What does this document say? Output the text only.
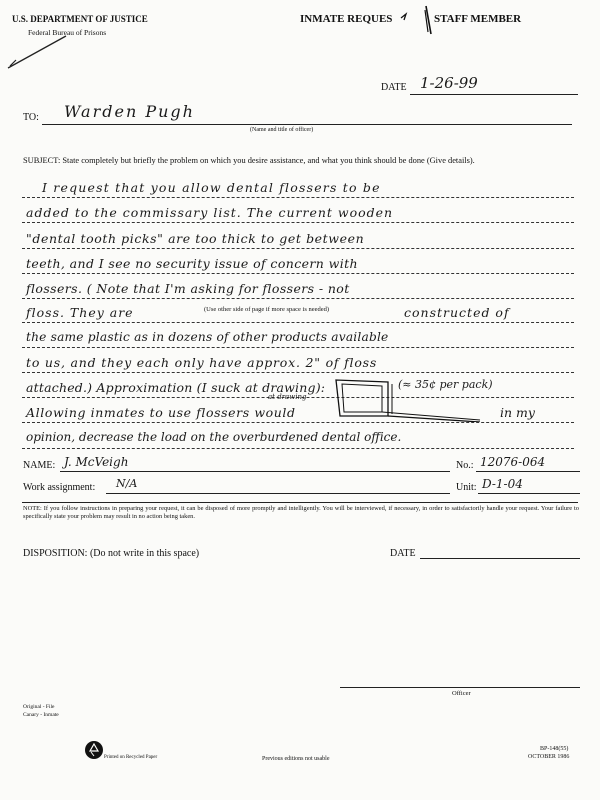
U.S. DEPARTMENT OF JUSTICE
Federal Bureau of Prisons
INMATE REQUES	STAFF MEMBER
DATE 1-26-99
TO: Warden Pugh
(Name and title of officer)
SUBJECT: State completely but briefly the problem on which you desire assistance, and what you think should be done (Give details).
I request that you allow dental flossers to be
added to the commissary list. The current wooden
"dental tooth picks" are too thick to get between
teeth, and I see no security issue of concern with
flossers. ( Note that I'm asking for flossers - not
floss. They are	(Use other side of page if more space is needed)	constructed of
the same plastic as in dozens of other products available
to us, and they each only have approx. 2" of floss
attached.) Approximation (I suck at drawing):
at drawing
(≈ 35¢ per pack)
Allowing inmates to use flossers would	in my
opinion, decrease the load on the overburdened dental office.
NAME: J. McVeigh	No.: 12076-064
Work assignment: N/A	Unit: D-1-04
NOTE: If you follow instructions in preparing your request, it can be disposed of more promptly and intelligently. You will be interviewed, if necessary, in order to satisfactorily handle your request. Your failure to specifically state your problem may result in no action being taken.
DISPOSITION: (Do not write in this space)	DATE
Officer
Original - File
Canary - Inmate
Printed on Recycled Paper	Previous editions not usable
BP-148(55)
OCTOBER 1986
